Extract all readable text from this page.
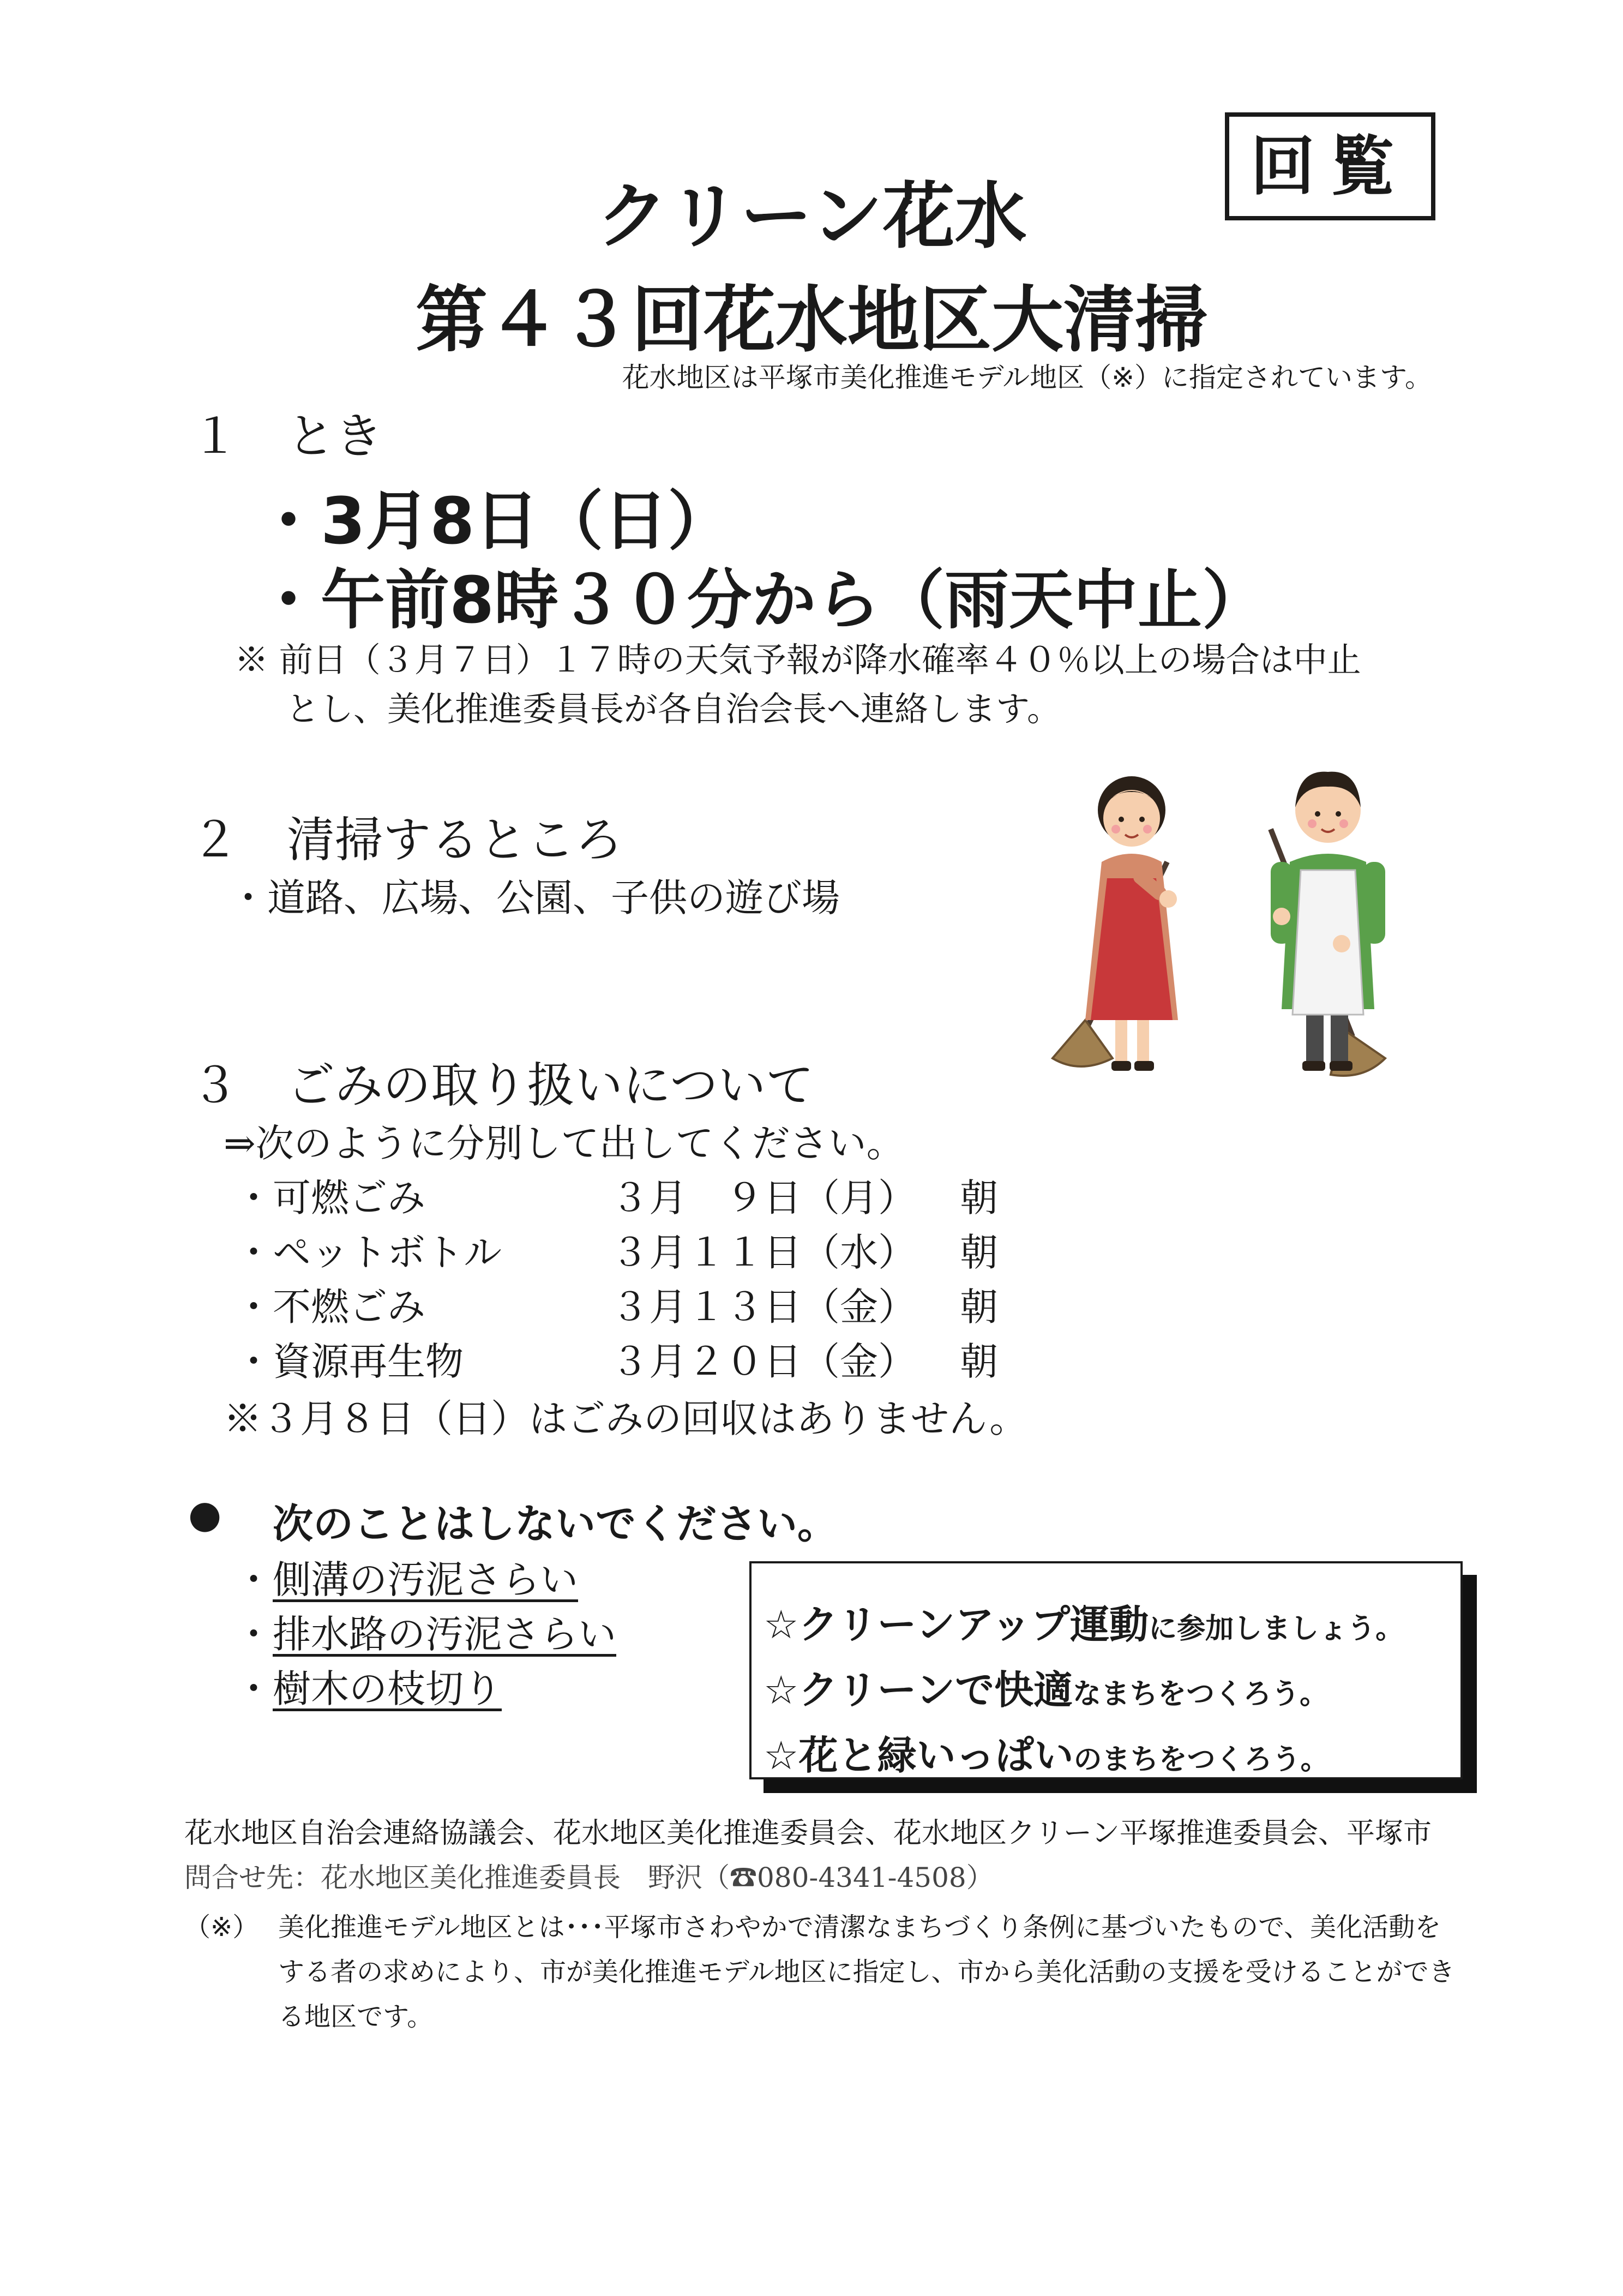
回覧
クリーン花水
第４３回花水地区大清掃
花水地区は平塚市美化推進モデル地区（※）に指定されています。
１　とき
・3月8日（日）
・午前8時３０分から（雨天中止）
※ 前日（３月７日）１７時の天気予報が降水確率４０％以上の場合は中止
とし、美化推進委員長が各自治会長へ連絡します。
２　清掃するところ
・道路、広場、公園、子供の遊び場
３　ごみの取り扱いについて
⇒次のように分別して出してください。
・可燃ごみ	３月　９日（月） 朝
・ペットボトル	３月１１日（水） 朝
・不燃ごみ	３月１３日（金） 朝
・資源再生物	３月２０日（金） 朝
※３月８日（日）はごみの回収はありません。
● 次のことはしないでください。
・側溝の汚泥さらい
・排水路の汚泥さらい
・樹木の枝切り
☆クリーンアップ運動に参加しましょう。
☆クリーンで快適なまちをつくろう。
☆花と緑いっぱいのまちをつくろう。
花水地区自治会連絡協議会、花水地区美化推進委員会、花水地区クリーン平塚推進委員会、平塚市
問合せ先：花水地区美化推進委員長　野沢（☎080-4341-4508）
（※） 美化推進モデル地区とは･･･平塚市さわやかで清潔なまちづくり条例に基づいたもので、美化活動を
する者の求めにより、市が美化推進モデル地区に指定し、市から美化活動の支援を受けることができ
る地区です。
